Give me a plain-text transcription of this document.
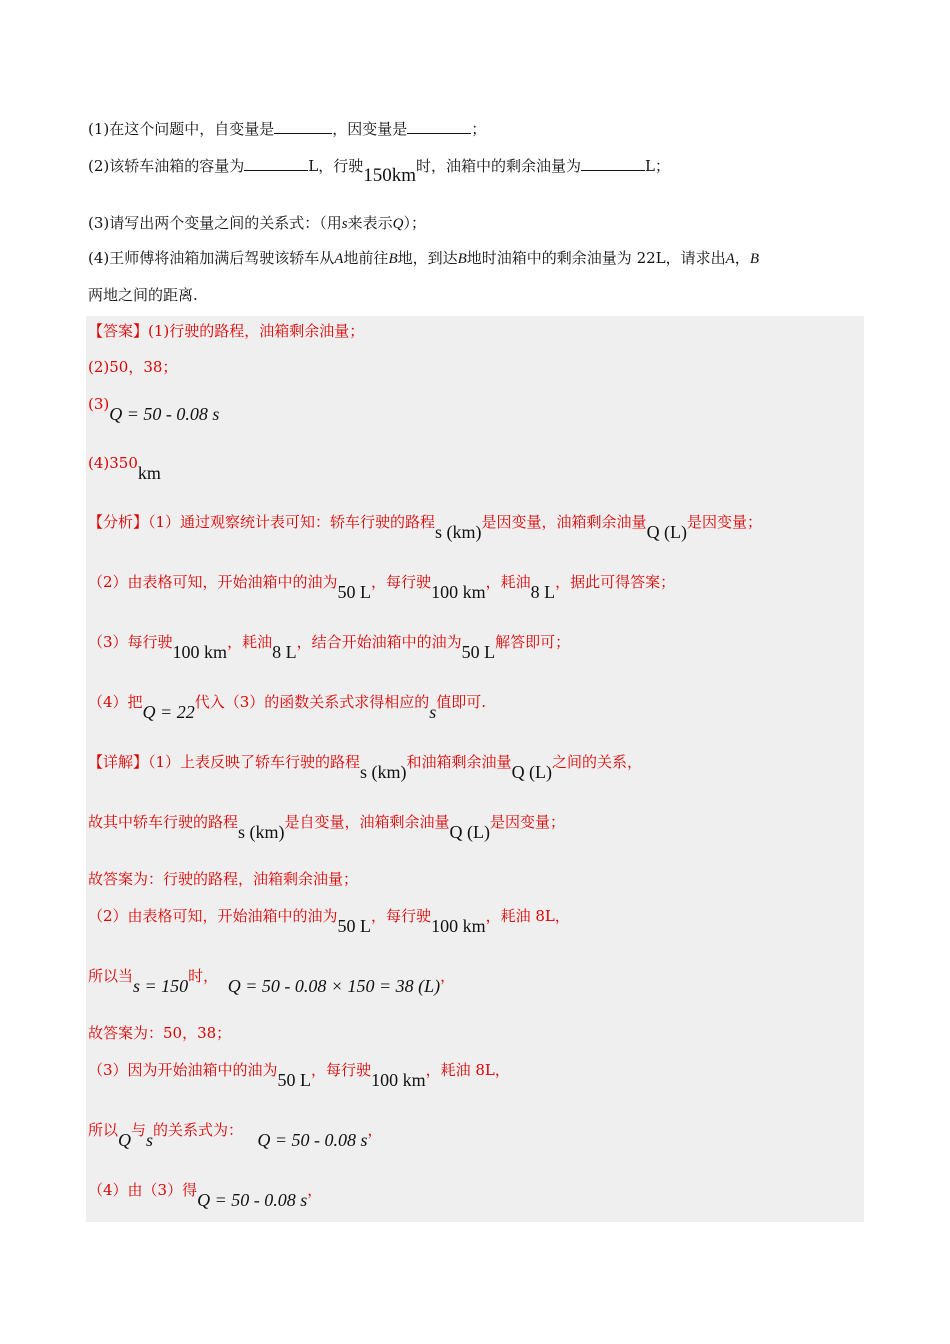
(1)在这个问题中，自变量是	，因变量是	；
(2)该轿车油箱的容量为	L，行驶150km时，油箱中的剩余油量为	L；
(3)请写出两个变量之间的关系式：（用s来表示Q）；
(4)王师傅将油箱加满后驾驶该轿车从A地前往B地，到达B地时油箱中的剩余油量为 22L，请求出A，B
两地之间的距离.
【答案】(1)行驶的路程，油箱剩余油量；
(2)50，38；
(3)Q = 50 - 0.08 s
(4)350km
【分析】（1）通过观察统计表可知：轿车行驶的路程s (km)是因变量，油箱剩余油量Q (L)是因变量；
（2）由表格可知，开始油箱中的油为50 L，每行驶100 km，耗油8 L，据此可得答案；
（3）每行驶100 km，耗油8 L，结合开始油箱中的油为50 L解答即可；
（4）把Q = 22代入（3）的函数关系式求得相应的s值即可.
【详解】（1）上表反映了轿车行驶的路程s (km)和油箱剩余油量Q (L)之间的关系，
故其中轿车行驶的路程s (km)是自变量，油箱剩余油量Q (L)是因变量；
故答案为：行驶的路程，油箱剩余油量；
（2）由表格可知，开始油箱中的油为50 L，每行驶100 km，耗油 8L，
所以当s = 150时， Q = 50 - 0.08 × 150 = 38 (L)，
故答案为：50，38；
（3）因为开始油箱中的油为50 L，每行驶100 km，耗油 8L，
所以Q与s的关系式为： Q = 50 - 0.08 s，
（4）由（3）得Q = 50 - 0.08 s，
